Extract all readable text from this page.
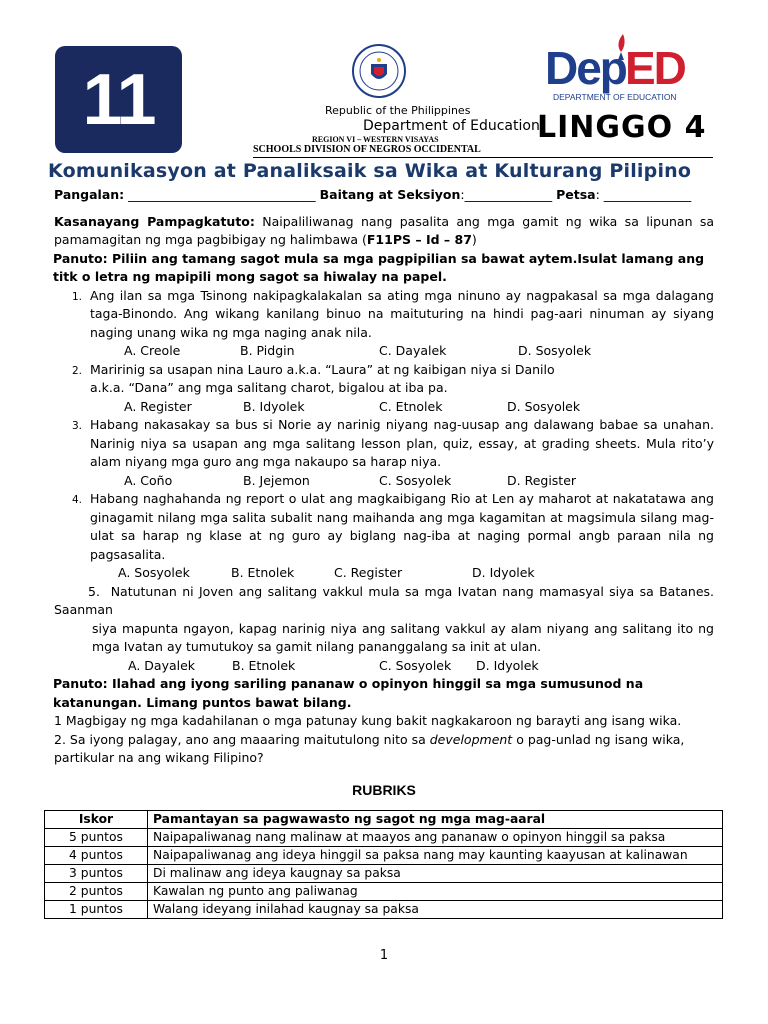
11	Dep ED
DEPARTMENT OF EDUCATION
Republic of the Philippines
Department of Education
REGION VI – WESTERN VISAYAS
SCHOOLS DIVISION OF NEGROS OCCIDENTAL
LINGGO 4
Komunikasyon at Panaliksaik sa Wika at Kulturang Pilipino

Pangalan: ______________________________ Baitang at Seksiyon:______________ Petsa: ______________

Kasanayang Pampagkatuto: Naipaliliwanag nang pasalita ang mga gamit ng wika sa lipunan sa pamamagitan ng mga pagbibigay ng halimbawa (F11PS – Id – 87)

Panuto: Piliin ang tamang sagot mula sa mga pagpipilian sa bawat aytem.Isulat lamang ang titk o letra ng mapipili mong sagot sa hiwalay na papel.

1. Ang ilan sa mga Tsinong nakipagkalakalan sa ating mga ninuno ay nagpakasal sa mga dalagang taga-Binondo. Ang wikang kanilang binuo na maituturing na hindi pag-aari ninuman ay siyang naging unang wika ng mga naging anak nila.
A. Creole	B. Pidgin	C. Dayalek	D. Sosyolek
2. Maririnig sa usapan nina Lauro a.k.a. “Laura” at ng kaibigan niya si Danilo
a.k.a. “Dana” ang mga salitang charot, bigalou at iba pa.
A. Register	B. Idyolek	C. Etnolek	D. Sosyolek
3. Habang nakasakay sa bus si Norie ay narinig niyang nag-uusap ang dalawang babae sa unahan. Narinig niya sa usapan ang mga salitang lesson plan, quiz, essay, at grading sheets. Mula rito’y alam niyang mga guro ang mga nakaupo sa harap niya.
A. Coño	B. Jejemon	C. Sosyolek	D. Register
4. Habang naghahanda ng report o ulat ang magkaibigang Rio at Len ay maharot at nakatatawa ang ginagamit nilang mga salita subalit nang maihanda ang mga kagamitan at magsimula silang mag-ulat sa harap ng klase at ng guro ay biglang nag-iba at naging pormal angb paraan nila ng pagsasalita.
A. Sosyolek	B. Etnolek	C. Register	D. Idyolek

5. Natutunan ni Joven ang salitang vakkul mula sa mga Ivatan nang mamasyal siya sa Batanes. Saanman

siya mapunta ngayon, kapag narinig niya ang salitang vakkul ay alam niyang ang salitang ito ng mga Ivatan ay tumutukoy sa gamit nilang pananggalang sa init at ulan.

A. Dayalek	B. Etnolek	C. Sosyolek	D. Idyolek

Panuto: Ilahad ang iyong sariling pananaw o opinyon hinggil sa mga sumusunod na katanungan. Limang puntos bawat bilang.

1 Magbigay ng mga kadahilanan o mga patunay kung bakit nagkakaroon ng barayti ang isang wika.

2. Sa iyong palagay, ano ang maaaring maitutulong nito sa development o pag-unlad ng isang wika, partikular na ang wikang Filipino?

RUBRIKS
Iskor	Pamantayan sa pagwawasto ng sagot ng mga mag-aaral
5 puntos	Naipapaliwanag nang malinaw at maayos ang pananaw o opinyon hinggil sa paksa
4 puntos	Naipapaliwanag ang ideya hinggil sa paksa nang may kaunting kaayusan at kalinawan
3 puntos	Di malinaw ang ideya kaugnay sa paksa
2 puntos	Kawalan ng punto ang paliwanag
1 puntos	Walang ideyang inilahad kaugnay sa paksa
1
